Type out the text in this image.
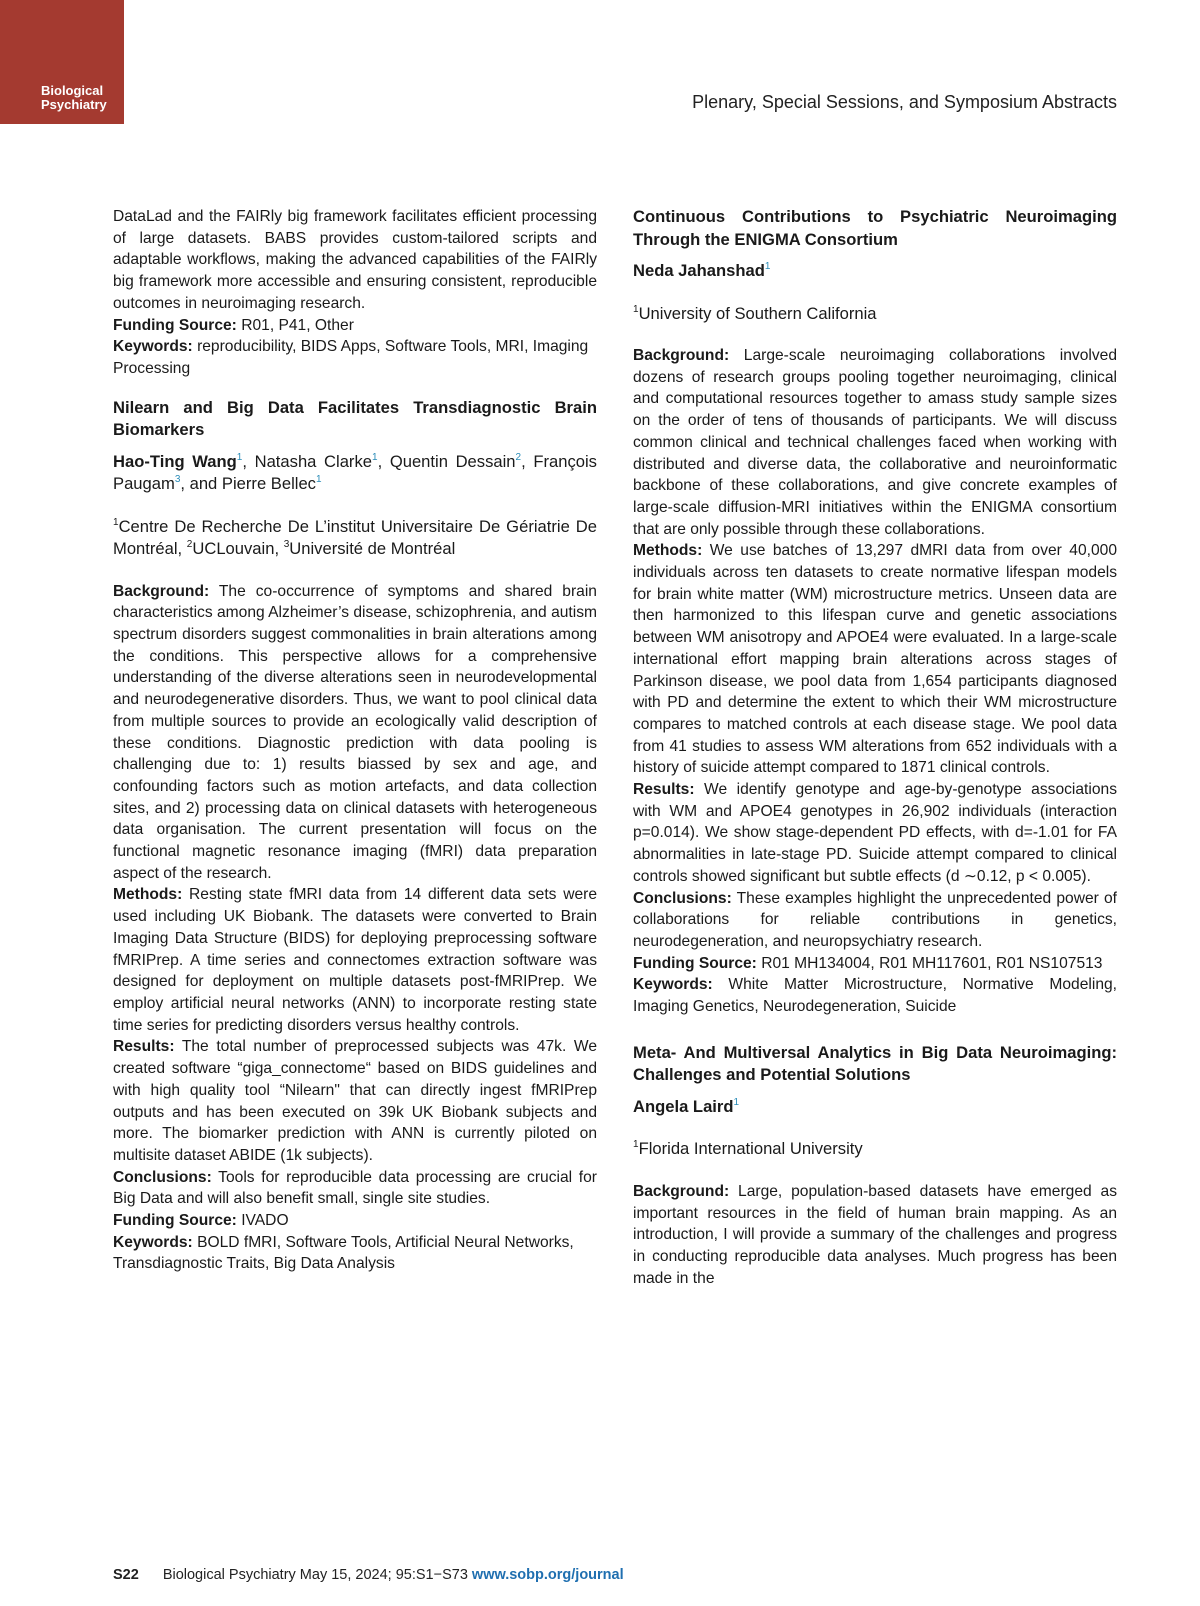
Biological
Psychiatry	Plenary, Special Sessions, and Symposium Abstracts

DataLad and the FAIRly big framework facilitates efficient processing of large datasets. BABS provides custom-tailored scripts and adaptable workflows, making the advanced capabilities of the FAIRly big framework more accessible and ensuring consistent, reproducible outcomes in neuroimaging research.

Funding Source: R01, P41, Other

Keywords: reproducibility, BIDS Apps, Software Tools, MRI, Imaging Processing

Nilearn and Big Data Facilitates Transdiagnostic Brain Biomarkers

Hao-Ting Wang$^1$, Natasha Clarke$^1$, Quentin Dessain$^2$, François Paugam$^3$, and Pierre Bellec$^1$

$^1$Centre De Recherche De L’institut Universitaire De Gériatrie De Montréal, $^2$UCLouvain, $^3$Université de Montréal

Background: The co-occurrence of symptoms and shared brain characteristics among Alzheimer’s disease, schizophrenia, and autism spectrum disorders suggest commonalities in brain alterations among the conditions. This perspective allows for a comprehensive understanding of the diverse alterations seen in neurodevelopmental and neurodegenerative disorders. Thus, we want to pool clinical data from multiple sources to provide an ecologically valid description of these conditions. Diagnostic prediction with data pooling is challenging due to: 1) results biassed by sex and age, and confounding factors such as motion artefacts, and data collection sites, and 2) processing data on clinical datasets with heterogeneous data organisation. The current presentation will focus on the functional magnetic resonance imaging (fMRI) data preparation aspect of the research.

Methods: Resting state fMRI data from 14 different data sets were used including UK Biobank. The datasets were converted to Brain Imaging Data Structure (BIDS) for deploying preprocessing software fMRIPrep. A time series and connectomes extraction software was designed for deployment on multiple datasets post-fMRIPrep. We employ artificial neural networks (ANN) to incorporate resting state time series for predicting disorders versus healthy controls.

Results: The total number of preprocessed subjects was 47k. We created software “giga_connectome“ based on BIDS guidelines and with high quality tool “Nilearn" that can directly ingest fMRIPrep outputs and has been executed on 39k UK Biobank subjects and more. The biomarker prediction with ANN is currently piloted on multisite dataset ABIDE (1k subjects).

Conclusions: Tools for reproducible data processing are crucial for Big Data and will also benefit small, single site studies.

Funding Source: IVADO

Keywords: BOLD fMRI, Software Tools, Artificial Neural Networks, Transdiagnostic Traits, Big Data Analysis

Continuous Contributions to Psychiatric Neuroimaging Through the ENIGMA Consortium

Neda Jahanshad$^1$

$^1$University of Southern California

Background: Large-scale neuroimaging collaborations involved dozens of research groups pooling together neuroimaging, clinical and computational resources together to amass study sample sizes on the order of tens of thousands of participants. We will discuss common clinical and technical challenges faced when working with distributed and diverse data, the collaborative and neuroinformatic backbone of these collaborations, and give concrete examples of large-scale diffusion-MRI initiatives within the ENIGMA consortium that are only possible through these collaborations.

Methods: We use batches of 13,297 dMRI data from over 40,000 individuals across ten datasets to create normative lifespan models for brain white matter (WM) microstructure metrics. Unseen data are then harmonized to this lifespan curve and genetic associations between WM anisotropy and APOE4 were evaluated. In a large-scale international effort mapping brain alterations across stages of Parkinson disease, we pool data from 1,654 participants diagnosed with PD and determine the extent to which their WM microstructure compares to matched controls at each disease stage. We pool data from 41 studies to assess WM alterations from 652 individuals with a history of suicide attempt compared to 1871 clinical controls.

Results: We identify genotype and age-by-genotype associations with WM and APOE4 genotypes in 26,902 individuals (interaction p=0.014). We show stage-dependent PD effects, with d=-1.01 for FA abnormalities in late-stage PD. Suicide attempt compared to clinical controls showed significant but subtle effects (d ∼0.12, p < 0.005).

Conclusions: These examples highlight the unprecedented power of collaborations for reliable contributions in genetics, neurodegeneration, and neuropsychiatry research.

Funding Source: R01 MH134004, R01 MH117601, R01 NS107513

Keywords: White Matter Microstructure, Normative Modeling, Imaging Genetics, Neurodegeneration, Suicide

Meta- And Multiversal Analytics in Big Data Neuroimaging: Challenges and Potential Solutions

Angela Laird$^1$

$^1$Florida International University

Background: Large, population-based datasets have emerged as important resources in the field of human brain mapping. As an introduction, I will provide a summary of the challenges and progress in conducting reproducible data analyses. Much progress has been made in the

S22 Biological Psychiatry May 15, 2024; 95:S1−S73 www.sobp.org/journal
